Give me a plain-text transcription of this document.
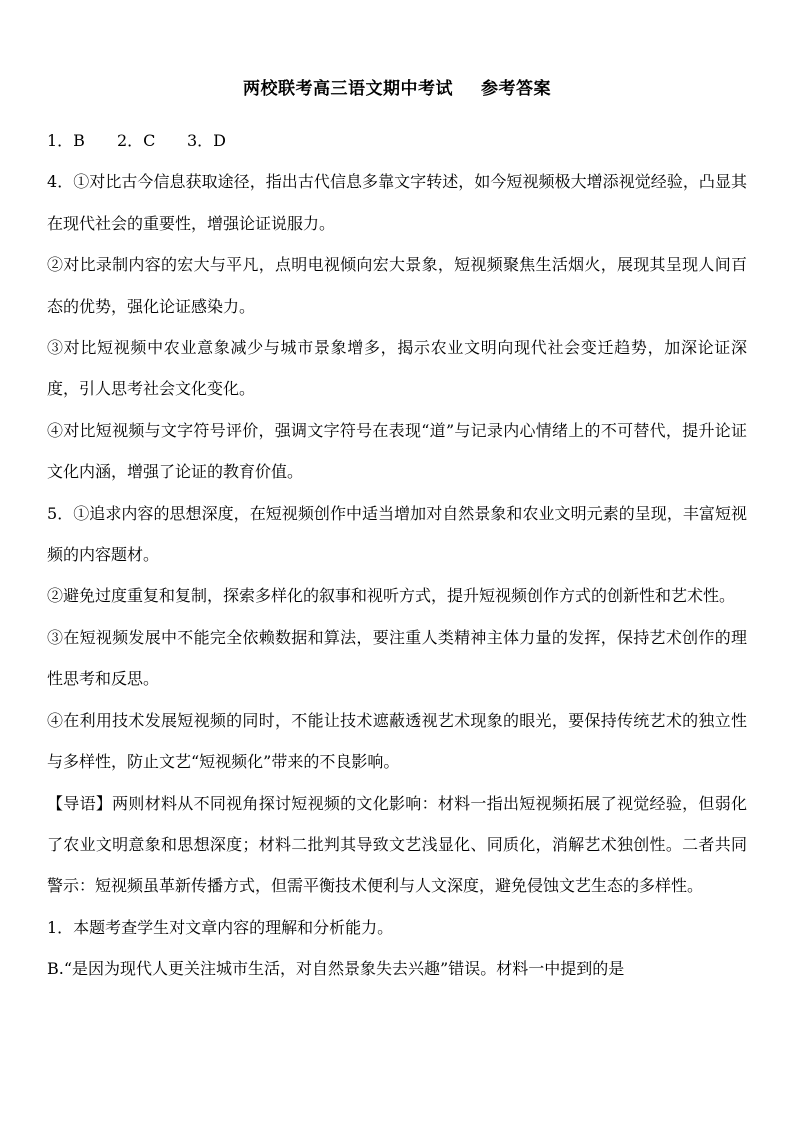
两校联考高三语文期中考试 参考答案

1．B 2．C 3．D

4．①对比古今信息获取途径，指出古代信息多靠文字转述，如今短视频极大增添视觉经验，凸显其在现代社会的重要性，增强论证说服力。

②对比录制内容的宏大与平凡，点明电视倾向宏大景象，短视频聚焦生活烟火，展现其呈现人间百态的优势，强化论证感染力。

③对比短视频中农业意象减少与城市景象增多，揭示农业文明向现代社会变迁趋势，加深论证深度，引人思考社会文化变化。

④对比短视频与文字符号评价，强调文字符号在表现“道”与记录内心情绪上的不可替代，提升论证文化内涵，增强了论证的教育价值。

5．①追求内容的思想深度，在短视频创作中适当增加对自然景象和农业文明元素的呈现，丰富短视频的内容题材。

②避免过度重复和复制，探索多样化的叙事和视听方式，提升短视频创作方式的创新性和艺术性。

③在短视频发展中不能完全依赖数据和算法，要注重人类精神主体力量的发挥，保持艺术创作的理性思考和反思。

④在利用技术发展短视频的同时，不能让技术遮蔽透视艺术现象的眼光，要保持传统艺术的独立性与多样性，防止文艺“短视频化”带来的不良影响。

【导语】两则材料从不同视角探讨短视频的文化影响：材料一指出短视频拓展了视觉经验，但弱化了农业文明意象和思想深度；材料二批判其导致文艺浅显化、同质化，消解艺术独创性。二者共同警示：短视频虽革新传播方式，但需平衡技术便利与人文深度，避免侵蚀文艺生态的多样性。

1．本题考查学生对文章内容的理解和分析能力。

B.“是因为现代人更关注城市生活，对自然景象失去兴趣”错误。材料一中提到的是
